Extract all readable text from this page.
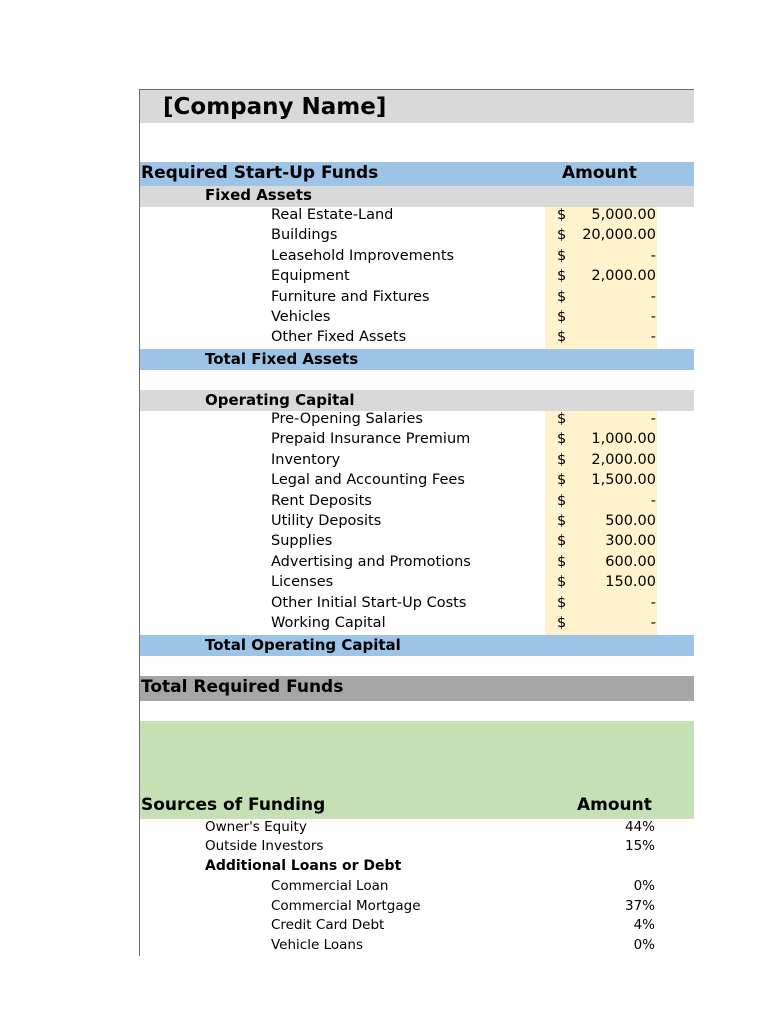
[Company Name]
Required Start-Up Funds	Amount
Fixed Assets
Real Estate-Land	$ 5,000.00
Buildings	$ 20,000.00
Leasehold Improvements	$	-
Equipment	$ 2,000.00
Furniture and Fixtures	$	-
Vehicles	$	-
Other Fixed Assets	$	-
Total Fixed Assets
Operating Capital
Pre-Opening Salaries	$	-
Prepaid Insurance Premium	$ 1,000.00
Inventory	$ 2,000.00
Legal and Accounting Fees	$ 1,500.00
Rent Deposits	$	-
Utility Deposits	$	500.00
Supplies	$	300.00
Advertising and Promotions	$	600.00
Licenses	$	150.00
Other Initial Start-Up Costs	$	-
Working Capital	$	-
Total Operating Capital
Total Required Funds
Sources of Funding	Amount
Owner's Equity	44%
Outside Investors	15%
Additional Loans or Debt
Commercial Loan	0%
Commercial Mortgage	37%
Credit Card Debt	4%
Vehicle Loans	0%
